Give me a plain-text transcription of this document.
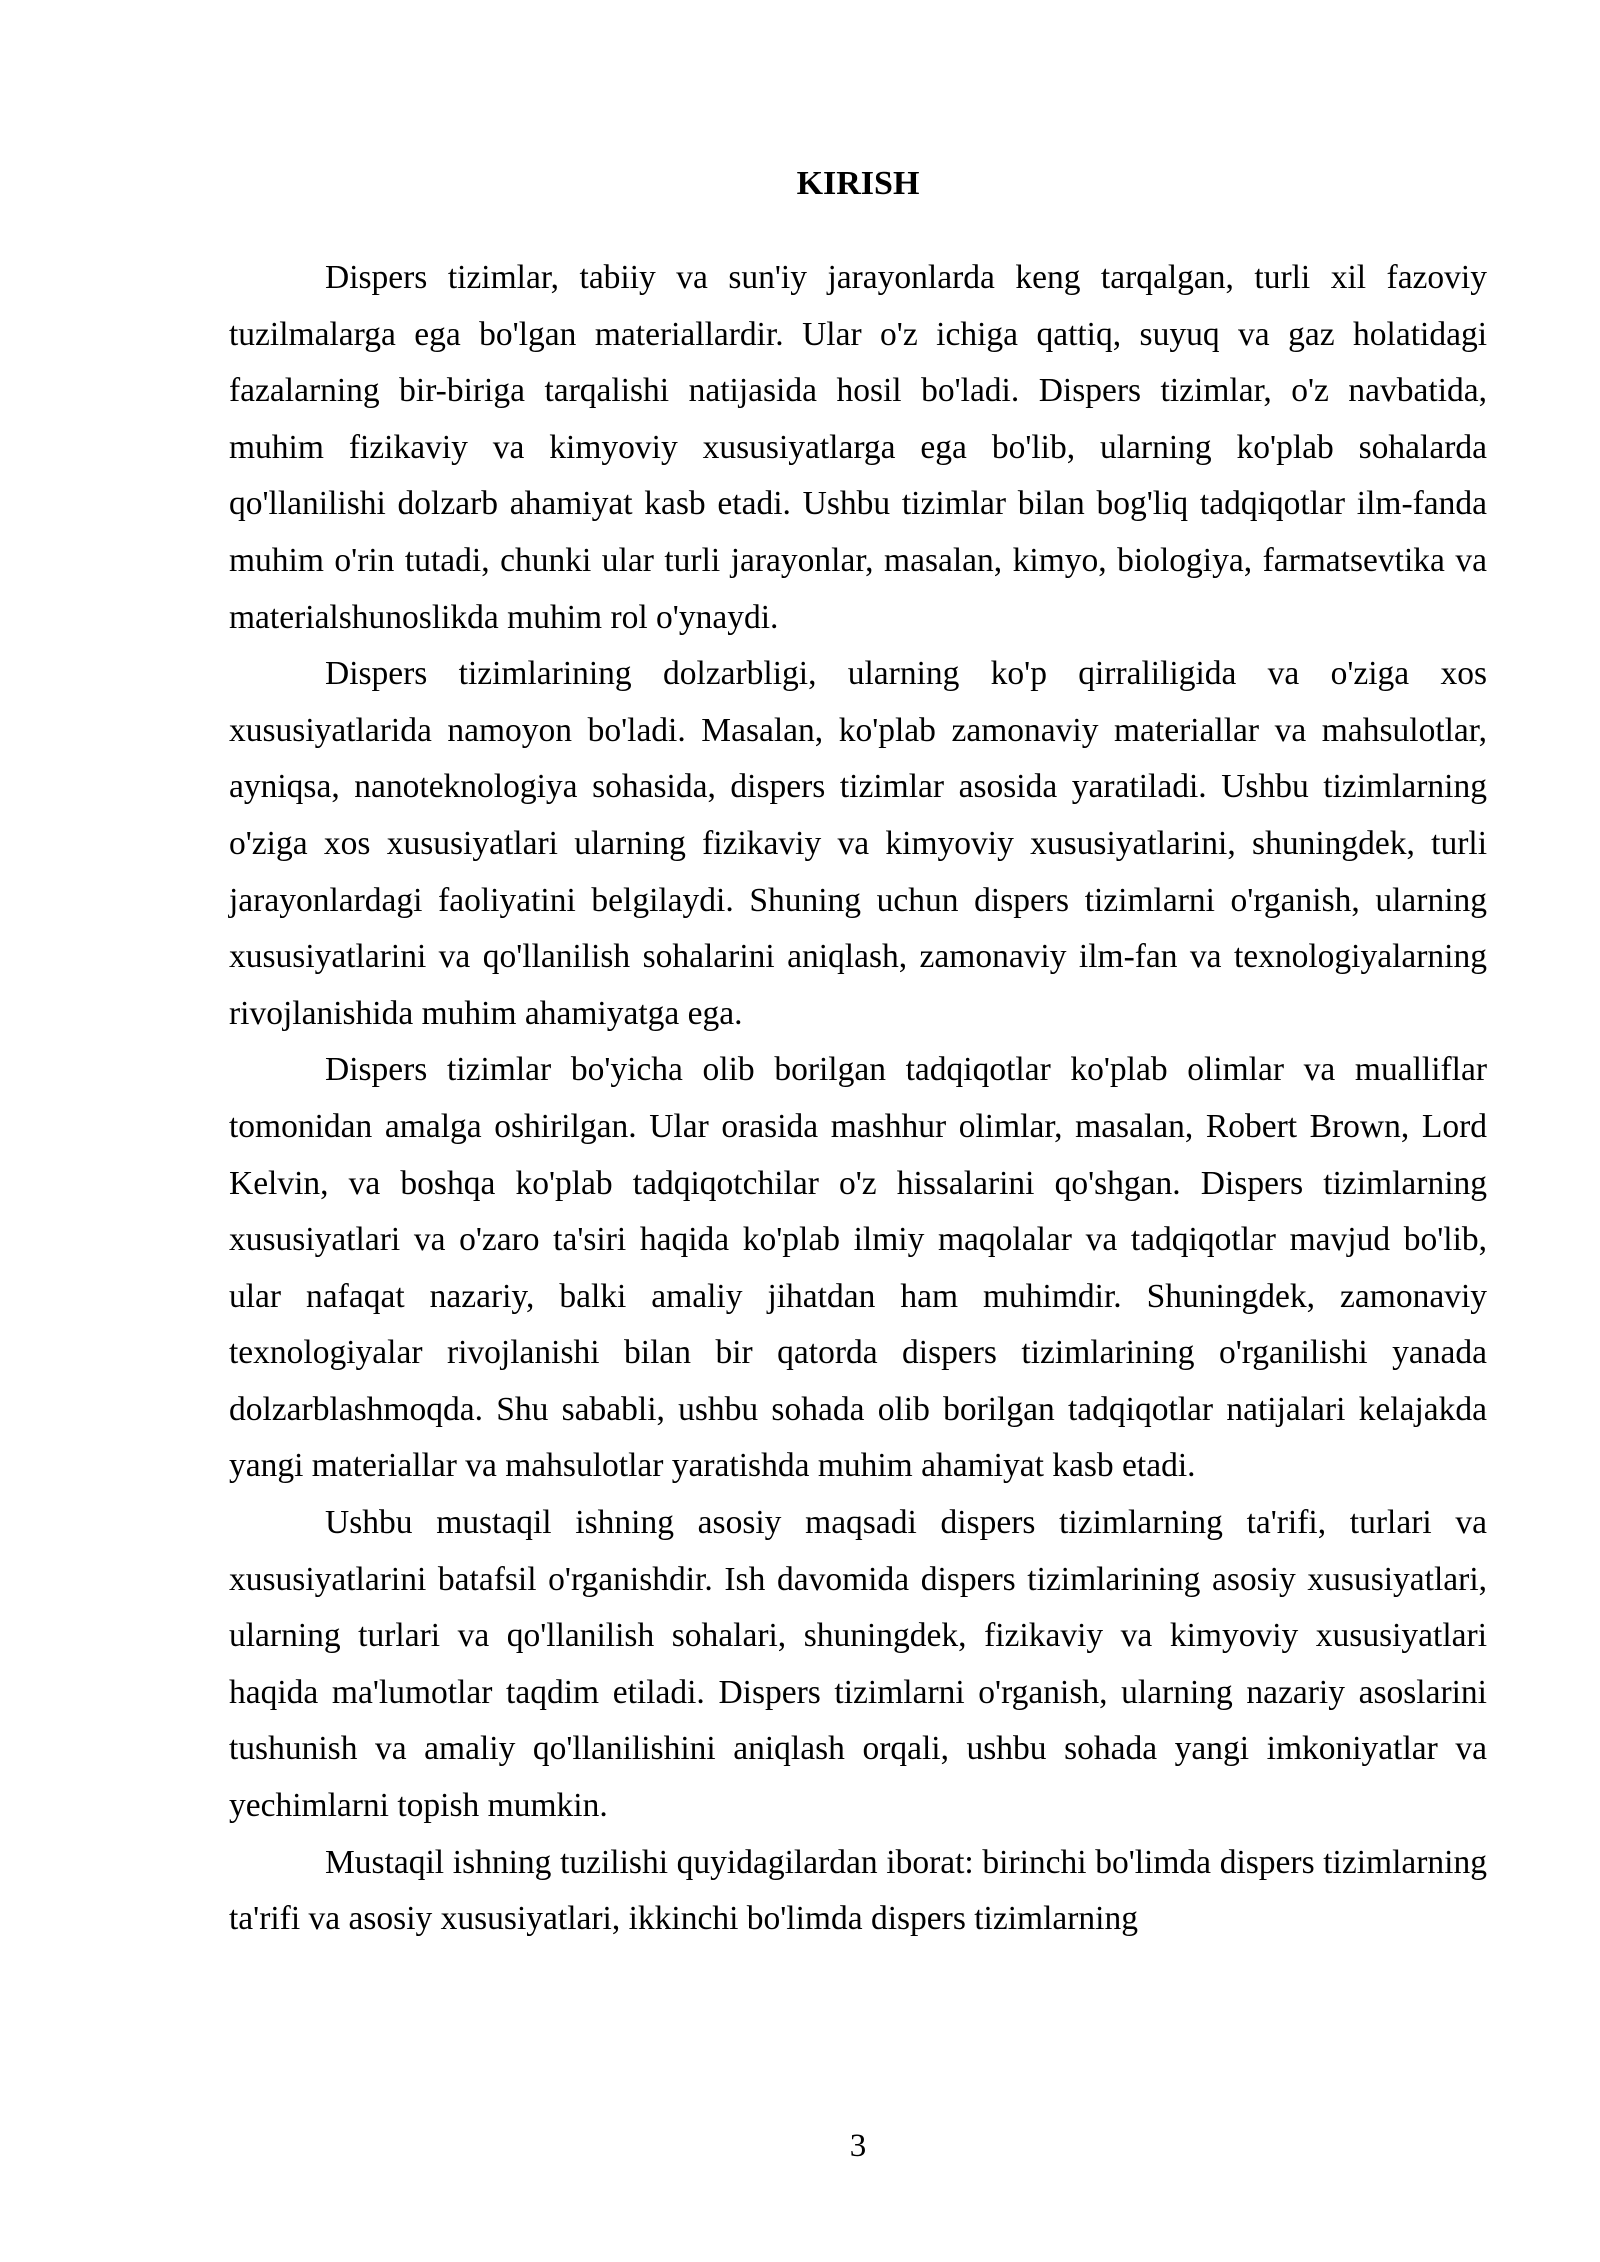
KIRISH

Dispers tizimlar, tabiiy va sun'iy jarayonlarda keng tarqalgan, turli xil fazoviy tuzilmalarga ega bo'lgan materiallardir. Ular o'z ichiga qattiq, suyuq va gaz holatidagi fazalarning bir-biriga tarqalishi natijasida hosil bo'ladi. Dispers tizimlar, o'z navbatida, muhim fizikaviy va kimyoviy xususiyatlarga ega bo'lib, ularning ko'plab sohalarda qo'llanilishi dolzarb ahamiyat kasb etadi. Ushbu tizimlar bilan bog'liq tadqiqotlar ilm-fanda muhim o'rin tutadi, chunki ular turli jarayonlar, masalan, kimyo, biologiya, farmatsevtika va materialshunoslikda muhim rol o'ynaydi.

Dispers tizimlarining dolzarbligi, ularning ko'p qirraliligida va o'ziga xos xususiyatlarida namoyon bo'ladi. Masalan, ko'plab zamonaviy materiallar va mahsulotlar, ayniqsa, nanoteknologiya sohasida, dispers tizimlar asosida yaratiladi. Ushbu tizimlarning o'ziga xos xususiyatlari ularning fizikaviy va kimyoviy xususiyatlarini, shuningdek, turli jarayonlardagi faoliyatini belgilaydi. Shuning uchun dispers tizimlarni o'rganish, ularning xususiyatlarini va qo'llanilish sohalarini aniqlash, zamonaviy ilm-fan va texnologiyalarning rivojlanishida muhim ahamiyatga ega.

Dispers tizimlar bo'yicha olib borilgan tadqiqotlar ko'plab olimlar va mualliflar tomonidan amalga oshirilgan. Ular orasida mashhur olimlar, masalan, Robert Brown, Lord Kelvin, va boshqa ko'plab tadqiqotchilar o'z hissalarini qo'shgan. Dispers tizimlarning xususiyatlari va o'zaro ta'siri haqida ko'plab ilmiy maqolalar va tadqiqotlar mavjud bo'lib, ular nafaqat nazariy, balki amaliy jihatdan ham muhimdir. Shuningdek, zamonaviy texnologiyalar rivojlanishi bilan bir qatorda dispers tizimlarining o'rganilishi yanada dolzarblashmoqda. Shu sababli, ushbu sohada olib borilgan tadqiqotlar natijalari kelajakda yangi materiallar va mahsulotlar yaratishda muhim ahamiyat kasb etadi.

Ushbu mustaqil ishning asosiy maqsadi dispers tizimlarning ta'rifi, turlari va xususiyatlarini batafsil o'rganishdir. Ish davomida dispers tizimlarining asosiy xususiyatlari, ularning turlari va qo'llanilish sohalari, shuningdek, fizikaviy va kimyoviy xususiyatlari haqida ma'lumotlar taqdim etiladi. Dispers tizimlarni o'rganish, ularning nazariy asoslarini tushunish va amaliy qo'llanilishini aniqlash orqali, ushbu sohada yangi imkoniyatlar va yechimlarni topish mumkin.

Mustaqil ishning tuzilishi quyidagilardan iborat: birinchi bo'limda dispers tizimlarning ta'rifi va asosiy xususiyatlari, ikkinchi bo'limda dispers tizimlarning

3
